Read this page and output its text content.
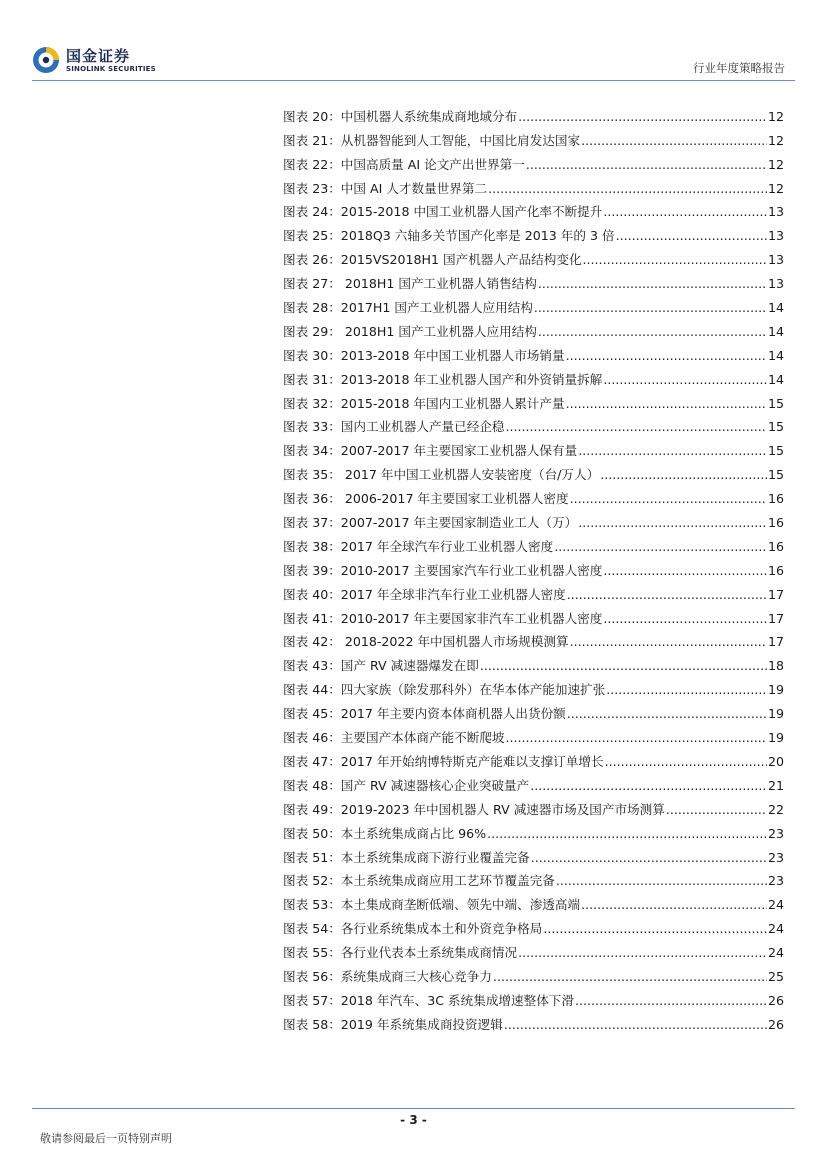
国金证券
SINOLINK SECURITIES	行业年度策略报告
图表 20：中国机器人系统集成商地域分布 .....	12
图表 21：从机器智能到人工智能，中国比肩发达国家 .....	12
图表 22：中国高质量 AI 论文产出世界第一 .....	12
图表 23：中国 AI 人才数量世界第二 .....	12
图表 24：2015-2018 中国工业机器人国产化率不断提升 .....	13
图表 25：2018Q3 六轴多关节国产化率是 2013 年的 3 倍 .....	13
图表 26：2015VS2018H1 国产机器人产品结构变化 .....	13
图表 27： 2018H1 国产工业机器人销售结构 .....	13
图表 28：2017H1 国产工业机器人应用结构 .....	14
图表 29： 2018H1 国产工业机器人应用结构 .....	14
图表 30：2013-2018 年中国工业机器人市场销量 .....	14
图表 31：2013-2018 年工业机器人国产和外资销量拆解 .....	14
图表 32：2015-2018 年国内工业机器人累计产量 .....	15
图表 33：国内工业机器人产量已经企稳 .....	15
图表 34：2007-2017 年主要国家工业机器人保有量 .....	15
图表 35： 2017 年中国工业机器人安装密度（台/万人） .....	15
图表 36： 2006-2017 年主要国家工业机器人密度 .....	16
图表 37：2007-2017 年主要国家制造业工人（万） .....	16
图表 38：2017 年全球汽车行业工业机器人密度 .....	16
图表 39：2010-2017 主要国家汽车行业工业机器人密度 .....	16
图表 40：2017 年全球非汽车行业工业机器人密度 .....	17
图表 41：2010-2017 年主要国家非汽车工业机器人密度 .....	17
图表 42： 2018-2022 年中国机器人市场规模测算 .....	17
图表 43：国产 RV 减速器爆发在即 .....	18
图表 44：四大家族（除发那科外）在华本体产能加速扩张 .....	19
图表 45：2017 年主要内资本体商机器人出货份额 .....	19
图表 46：主要国产本体商产能不断爬坡 .....	19
图表 47：2017 年开始纳博特斯克产能难以支撑订单增长 .....	20
图表 48：国产 RV 减速器核心企业突破量产 .....	21
图表 49：2019-2023 年中国机器人 RV 减速器市场及国产市场测算 .....	22
图表 50：本土系统集成商占比 96% .....	23
图表 51：本土系统集成商下游行业覆盖完备 .....	23
图表 52：本土系统集成商应用工艺环节覆盖完备 .....	23
图表 53：本土集成商垄断低端、领先中端、渗透高端 .....	24
图表 54：各行业系统集成本土和外资竞争格局 .....	24
图表 55：各行业代表本土系统集成商情况 .....	24
图表 56：系统集成商三大核心竞争力 .....	25
图表 57：2018 年汽车、3C 系统集成增速整体下滑 .....	26
图表 58：2019 年系统集成商投资逻辑 .....	26
- 3 -
敬请参阅最后一页特别声明
